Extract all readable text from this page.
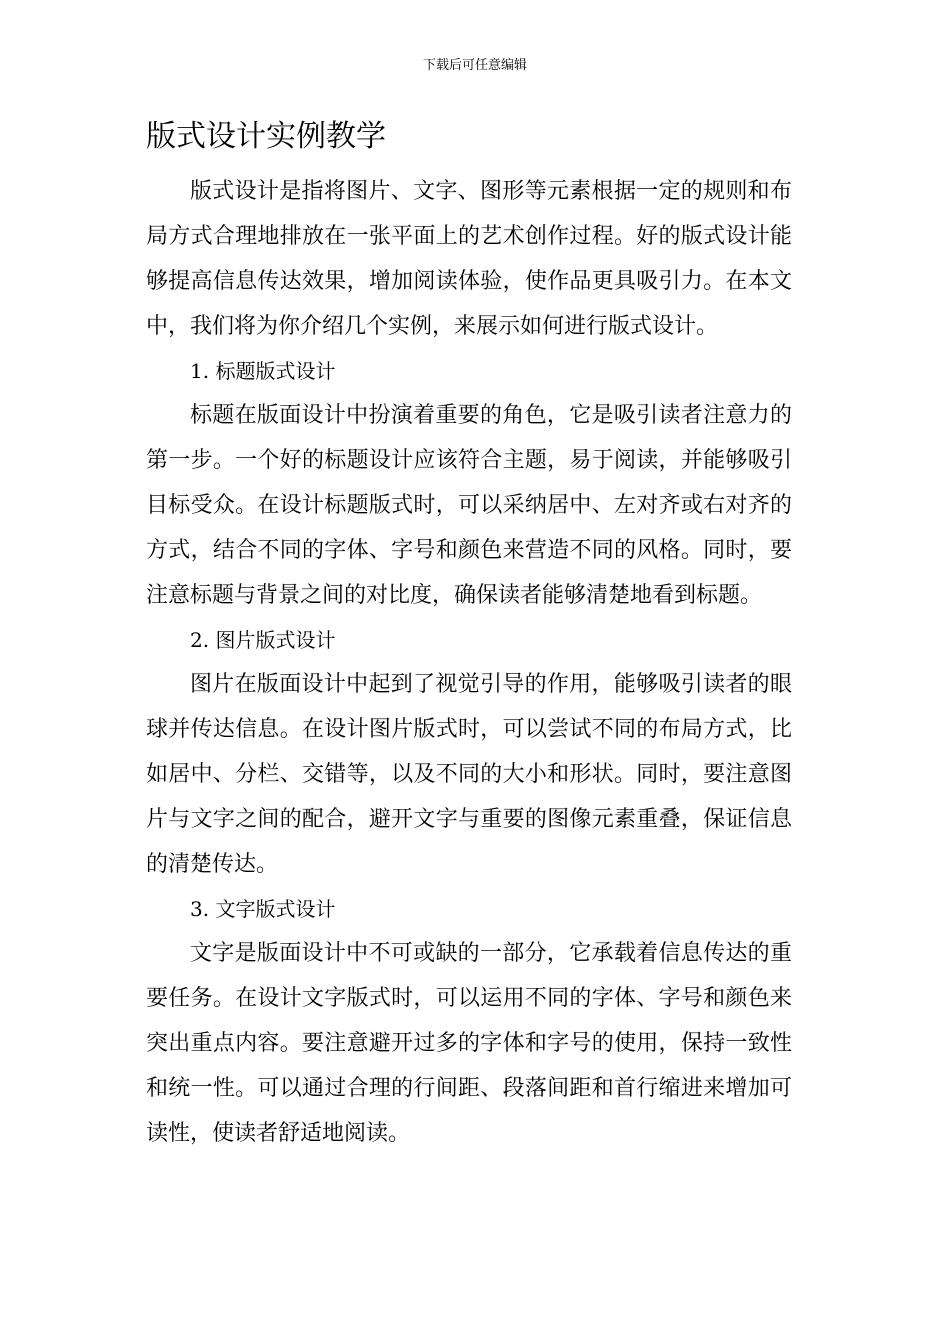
下载后可任意编辑
版式设计实例教学

版式设计是指将图片、文字、图形等元素根据一定的规则和布局方式合理地排放在一张平面上的艺术创作过程。好的版式设计能够提高信息传达效果，增加阅读体验，使作品更具吸引力。在本文中，我们将为你介绍几个实例，来展示如何进行版式设计。

1. 标题版式设计

标题在版面设计中扮演着重要的角色，它是吸引读者注意力的第一步。一个好的标题设计应该符合主题，易于阅读，并能够吸引目标受众。在设计标题版式时，可以采纳居中、左对齐或右对齐的方式，结合不同的字体、字号和颜色来营造不同的风格。同时，要注意标题与背景之间的对比度，确保读者能够清楚地看到标题。

2. 图片版式设计

图片在版面设计中起到了视觉引导的作用，能够吸引读者的眼球并传达信息。在设计图片版式时，可以尝试不同的布局方式，比如居中、分栏、交错等，以及不同的大小和形状。同时，要注意图片与文字之间的配合，避开文字与重要的图像元素重叠，保证信息的清楚传达。

3. 文字版式设计

文字是版面设计中不可或缺的一部分，它承载着信息传达的重要任务。在设计文字版式时，可以运用不同的字体、字号和颜色来突出重点内容。要注意避开过多的字体和字号的使用，保持一致性和统一性。可以通过合理的行间距、段落间距和首行缩进来增加可读性，使读者舒适地阅读。
